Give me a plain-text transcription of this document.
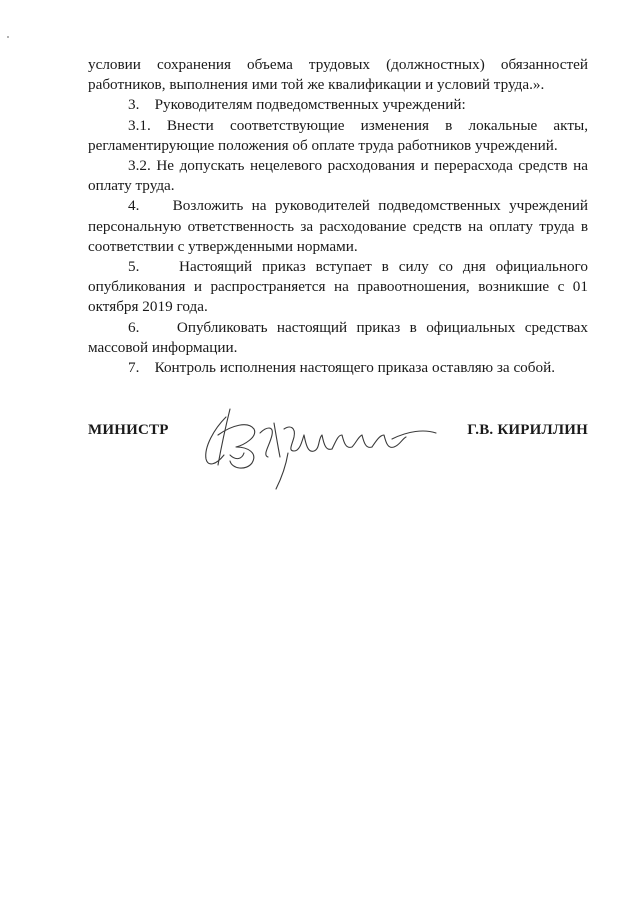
условии сохранения объема трудовых (должностных) обязанностей работников, выполнения ими той же квалификации и условий труда.».

3.    Руководителям подведомственных учреждений:

3.1. Внести соответствующие изменения в локальные акты, регламентирующие положения об оплате труда работников учреждений.

3.2. Не допускать нецелевого расходования и перерасхода средств на оплату труда.

4.    Возложить на руководителей подведомственных учреждений персональную ответственность за расходование средств на оплату труда в соответствии с утвержденными нормами.

5.    Настоящий приказ вступает в силу со дня официального опубликования и распространяется на правоотношения, возникшие с 01 октября 2019 года.

6.    Опубликовать настоящий приказ в официальных средствах массовой информации.

7.    Контроль исполнения настоящего приказа оставляю за собой.

МИНИСТР	Г.В. КИРИЛЛИН
